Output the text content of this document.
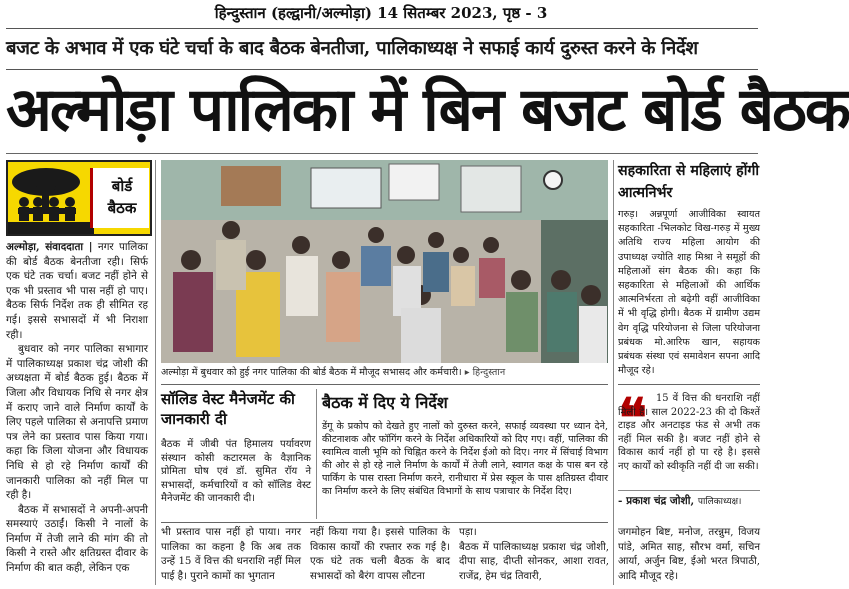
हिन्दुस्तान (हल्द्वानी/अल्मोड़ा) 14 सितम्बर 2023, पृष्ठ - 3
बजट के अभाव में एक घंटे चर्चा के बाद बैठक बेनतीजा, पालिकाध्यक्ष ने सफाई कार्य दुरुस्त करने के निर्देश
अल्मोड़ा पालिका में बिन बजट बोर्ड बैठक
बोर्ड
बैठक

अल्मोड़ा, संवाददाता | नगर पालिका की बोर्ड बैठक बेनतीजा रही। सिर्फ एक घंटे तक चर्चा। बजट नहीं होने से एक भी प्रस्ताव भी पास नहीं हो पाए। बैठक सिर्फ निर्देश तक ही सीमित रह गई। इससे सभासदों में भी निराशा रही।

बुधवार को नगर पालिका सभागार में पालिकाध्यक्ष प्रकाश चंद्र जोशी की अध्यक्षता में बोर्ड बैठक हुई। बैठक में जिला और विधायक निधि से नगर क्षेत्र में कराए जाने वाले निर्माण कार्यों के लिए पहले पालिका से अनापत्ति प्रमाण पत्र लेने का प्रस्ताव पास किया गया। कहा कि जिला योजना और विधायक निधि से हो रहे निर्माण कार्यों की जानकारी पालिका को नहीं मिल पा रही है।

बैठक में सभासदों ने अपनी-अपनी समस्याएं उठाईं। किसी ने नालों के निर्माण में तेजी लाने की मांग की तो किसी ने रास्ते और क्षतिग्रस्त दीवार के निर्माण की बात कही, लेकिन एक

अल्मोड़ा में बुधवार को हुई नगर पालिका की बोर्ड बैठक में मौजूद सभासद और कर्मचारी। ▸ हिन्दुस्तान
सॉलिड वेस्ट मैनेजमेंट की जानकारी दी
बैठक में जीबी पंत हिमालय पर्यावरण संस्थान कोसी कटारमल के वैज्ञानिक प्रोमिता घोष एवं डॉ. सुमित रॉय ने सभासदों, कर्मचारियों व को सॉलिड वेस्ट मैनेजमेंट की जानकारी दी।
बैठक में दिए ये निर्देश
डेंगू के प्रकोप को देखते हुए नालों को दुरुस्त करने, सफाई व्यवस्था पर ध्यान देने, कीटनाशक और फॉगिंग करने के निर्देश अधिकारियों को दिए गए। वहीं, पालिका की स्वामित्व वाली भूमि को चिह्नित करने के निर्देश ईओ को दिए। नगर में सिंचाई विभाग की ओर से हो रहे नाले निर्माण के कार्यों में तेजी लाने, स्वागत कक्ष के पास बन रहे पार्किंग के पास रास्ता निर्माण करने, रानीधारा में प्रेस स्कूल के पास क्षतिग्रस्त दीवार का निर्माण करने के लिए संबंधित विभागों के साथ पत्राचार के निर्देश दिए।
भी प्रस्ताव पास नहीं हो पाया। नगर पालिका का कहना है कि अब तक उन्हें 15 वें वित्त की धनराशि नहीं मिल पाई है। पुराने कामों का भुगतान
नहीं किया गया है। इससे पालिका के विकास कार्यों की रफ्तार रुक गई है। एक घंटे तक चली बैठक के बाद सभासदों को बैरंग वापस लौटना
पड़ा।
बैठक में पालिकाध्यक्ष प्रकाश चंद्र जोशी, दीपा साह, दीप्ती सोनकर, आशा रावत, राजेंद्र, हेम चंद्र तिवारी,
जगमोहन बिष्ट, मनोज, तरन्नुम, विजय पांडे, अमित साह, सौरभ वर्मा, सचिन आर्या, अर्जुन बिष्ट, ईओ भरत त्रिपाठी, आदि मौजूद रहे।
सहकारिता से महिलाएं होंगी आत्मनिर्भर
गरुड़। अन्नपूर्णा आजीविका स्वायत सहकारिता -भिलकोट विख-गरुड़ में मुख्य अतिथि राज्य महिला आयोग की उपाध्यक्ष ज्योति शाह मिश्रा ने समूहों की महिलाओं संग बैठक की। कहा कि सहकारिता से महिलाओं की आर्थिक आत्मनिर्भरता तो बढ़ेगी वहीं आजीविका में भी वृद्धि होगी। बैठक में ग्रामीण उद्यम वेग वृद्धि परियोजना से जिला परियोजना प्रबंधक मो.आरिफ खान, सहायक प्रबंधक संस्था एवं समावेशन सपना आदि मौजूद रहे।
❝ 15 वें वित्त की धनराशि नहीं मिली है। साल 2022-23 की दो किश्तें टाइड और अनटाइड फंड से अभी तक नहीं मिल सकी है। बजट नहीं होने से विकास कार्य नहीं हो पा रहे है। इससे नए कार्यों को स्वीकृति नहीं दी जा सकी।
- प्रकाश चंद्र जोशी, पालिकाध्यक्ष।
